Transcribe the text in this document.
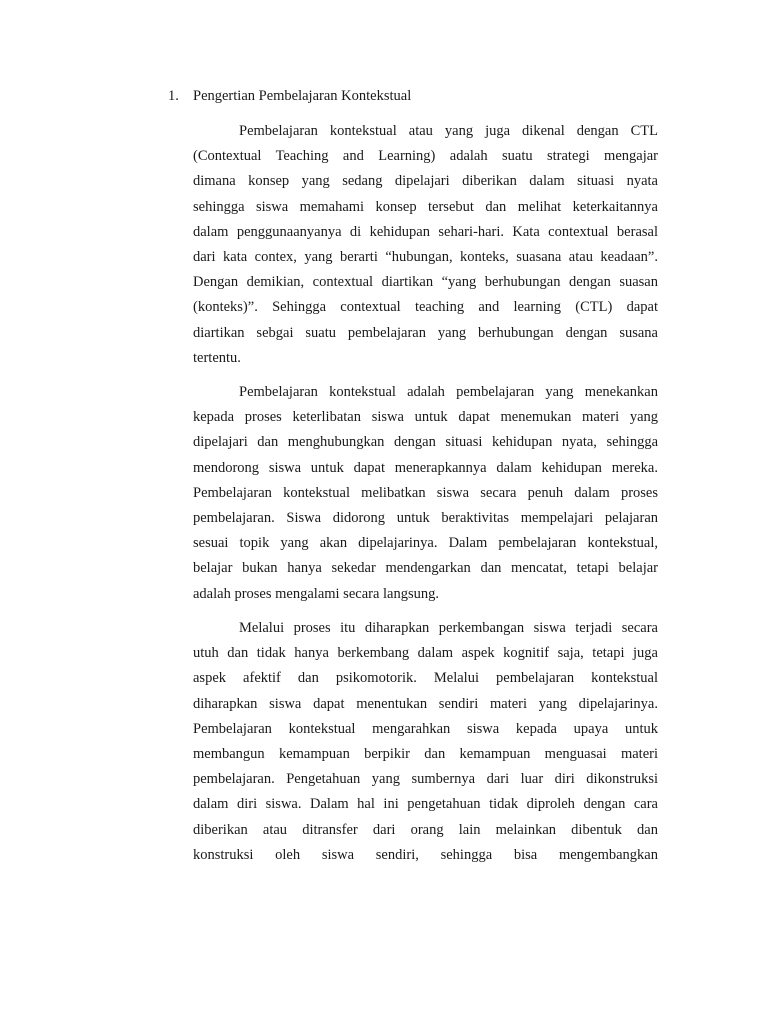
1. Pengertian Pembelajaran Kontekstual
Pembelajaran kontekstual atau yang juga dikenal dengan CTL
(Contextual Teaching and Learning) adalah suatu strategi mengajar
dimana konsep yang sedang dipelajari diberikan dalam situasi nyata
sehingga siswa memahami konsep tersebut dan melihat keterkaitannya
dalam penggunaanyanya di kehidupan sehari-hari. Kata contextual berasal
dari kata contex, yang berarti “hubungan, konteks, suasana atau keadaan”.
Dengan demikian, contextual diartikan “yang berhubungan dengan suasan
(konteks)”. Sehingga contextual teaching and learning (CTL) dapat
diartikan sebgai suatu pembelajaran yang berhubungan dengan susana
tertentu.
Pembelajaran kontekstual adalah pembelajaran yang menekankan
kepada proses keterlibatan siswa untuk dapat menemukan materi yang
dipelajari dan menghubungkan dengan situasi kehidupan nyata, sehingga
mendorong siswa untuk dapat menerapkannya dalam kehidupan mereka.
Pembelajaran kontekstual melibatkan siswa secara penuh dalam proses
pembelajaran. Siswa didorong untuk beraktivitas mempelajari pelajaran
sesuai topik yang akan dipelajarinya. Dalam pembelajaran kontekstual,
belajar bukan hanya sekedar mendengarkan dan mencatat, tetapi belajar
adalah proses mengalami secara langsung.
Melalui proses itu diharapkan perkembangan siswa terjadi secara
utuh dan tidak hanya berkembang dalam aspek kognitif saja, tetapi juga
aspek afektif dan psikomotorik. Melalui pembelajaran kontekstual
diharapkan siswa dapat menentukan sendiri materi yang dipelajarinya.
Pembelajaran kontekstual mengarahkan siswa kepada upaya untuk
membangun kemampuan berpikir dan kemampuan menguasai materi
pembelajaran. Pengetahuan yang sumbernya dari luar diri dikonstruksi
dalam diri siswa. Dalam hal ini pengetahuan tidak diproleh dengan cara
diberikan atau ditransfer dari orang lain melainkan dibentuk dan
konstruksi oleh siswa sendiri, sehingga bisa mengembangkan
